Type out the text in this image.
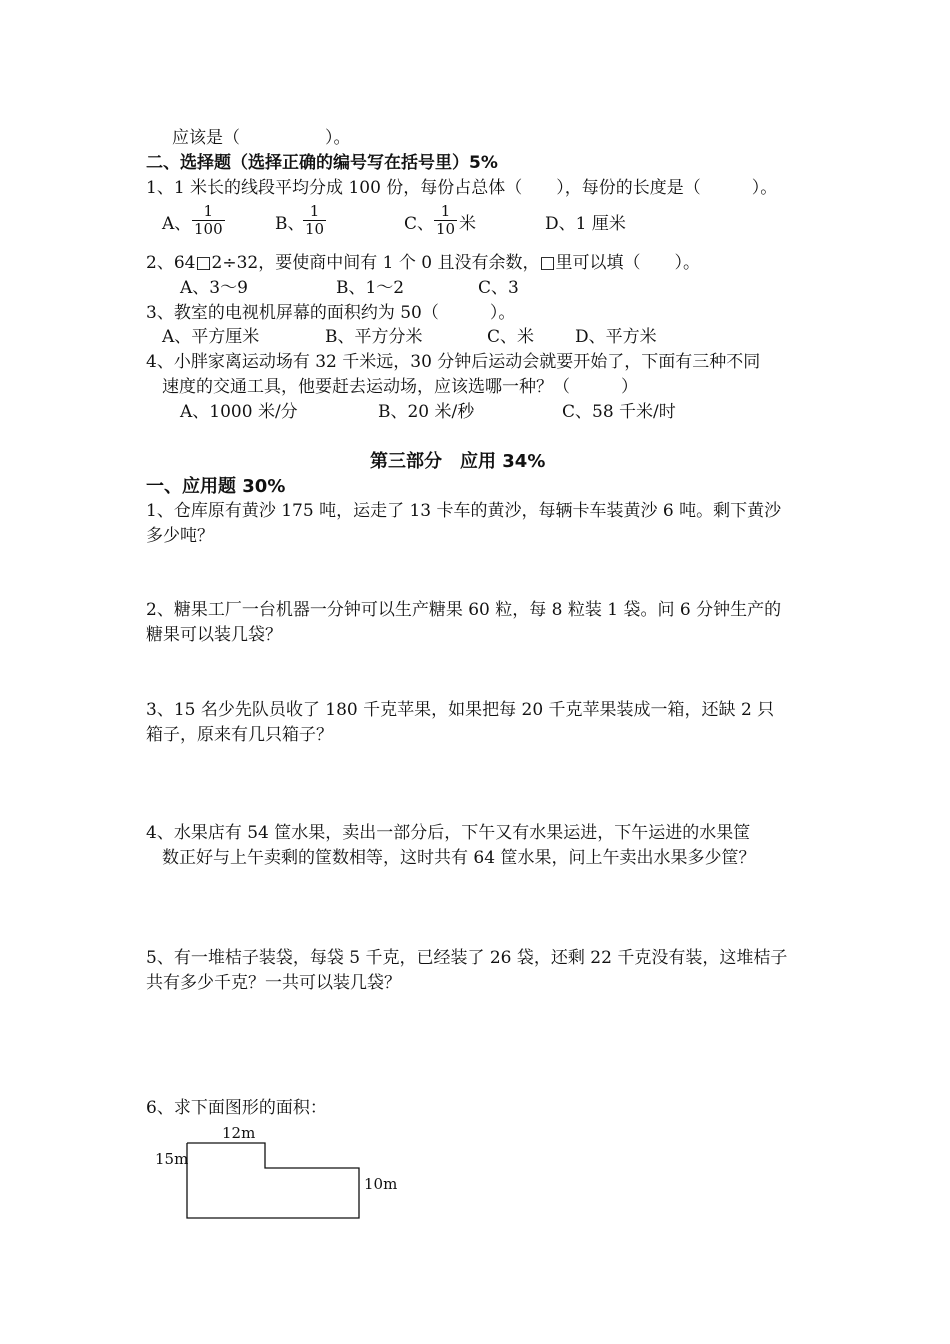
应该是（　　　　　）。
二、选择题（选择正确的编号写在括号里）5%
1、1 米长的线段平均分成 100 份，每份占总体（　　），每份的长度是（　　　）。
A、 $\frac{1}{100}$	B、
$\frac{1}{10}$	C、 $\frac{1}{10}$ 米	D、1 厘米
2、64□2÷32，要使商中间有 1 个 0 且没有余数，□里可以填（　　）。
A、3～9	B、1～2	C、3
3、教室的电视机屏幕的面积约为 50（　　　）。
A、平方厘米	B、平方分米	C、米 D、平方米
4、小胖家离运动场有 32 千米远，30 分钟后运动会就要开始了，下面有三种不同
速度的交通工具，他要赶去运动场，应该选哪一种？（　　　）
A、1000 米/分	B、20 米/秒	C、58 千米/时
第三部分　应用 34%
一、应用题 30%
1、仓库原有黄沙 175 吨，运走了 13 卡车的黄沙，每辆卡车装黄沙 6 吨。剩下黄沙
多少吨？
2、糖果工厂一台机器一分钟可以生产糖果 60 粒，每 8 粒装 1 袋。问 6 分钟生产的
糖果可以装几袋？
3、15 名少先队员收了 180 千克苹果，如果把每 20 千克苹果装成一箱，还缺 2 只
箱子，原来有几只箱子？
4、水果店有 54 筐水果，卖出一部分后，下午又有水果运进，下午运进的水果筐
数正好与上午卖剩的筐数相等，这时共有 64 筐水果，问上午卖出水果多少筐？
5、有一堆桔子装袋，每袋 5 千克，已经装了 26 袋，还剩 22 千克没有装，这堆桔子
共有多少千克？一共可以装几袋？
6、求下面图形的面积：
12m
15m
10m
